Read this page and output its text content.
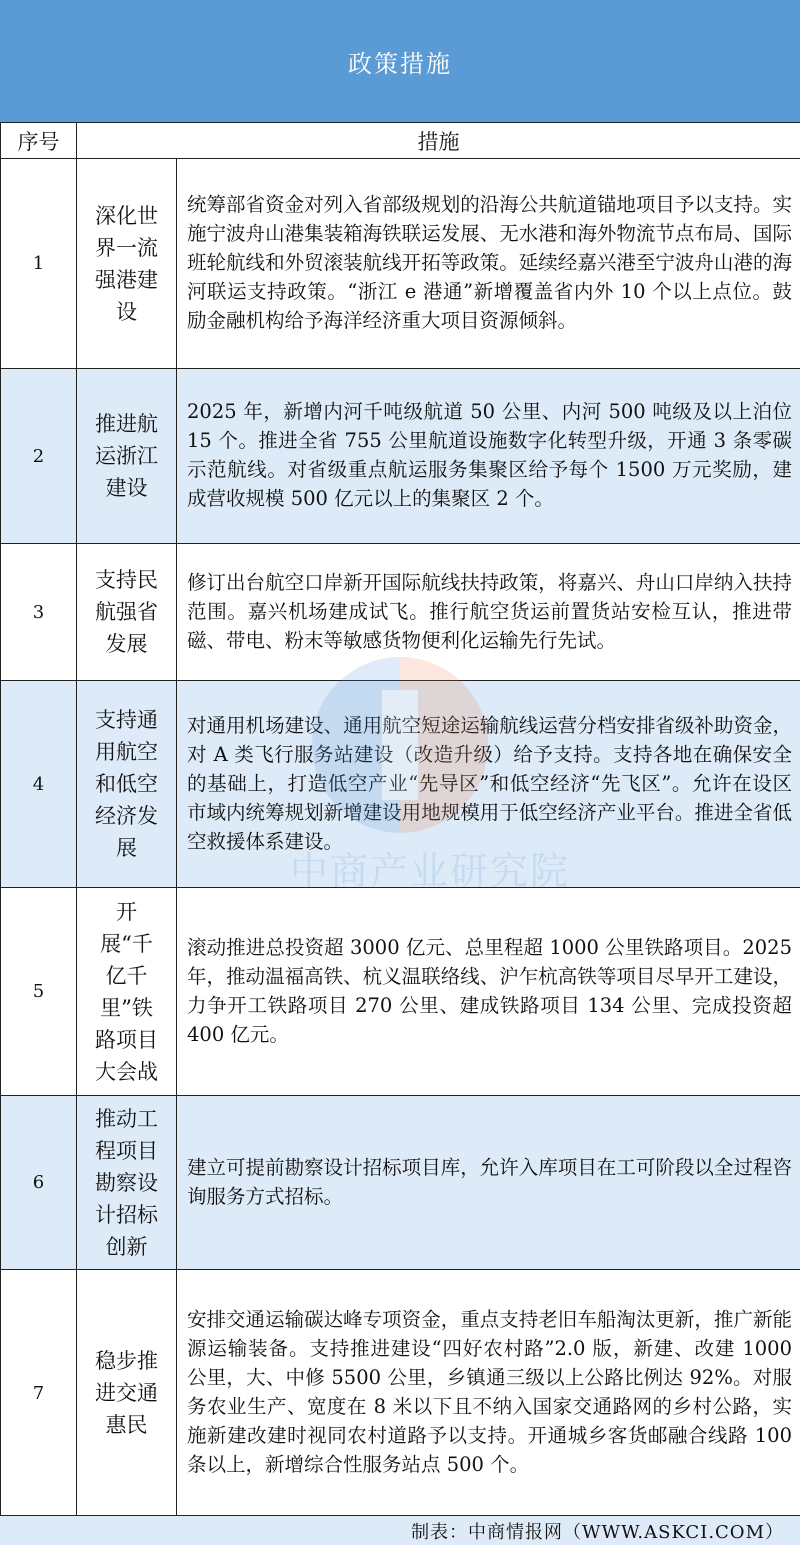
政策措施
序号	措施	
1	深化世界一流强港建设	统筹部省资金对列入省部级规划的沿海公共航道锚地项目予以支持。实施宁波舟山港集装箱海铁联运发展、无水港和海外物流节点布局、国际班轮航线和外贸滚装航线开拓等政策。延续经嘉兴港至宁波舟山港的海河联运支持政策。“浙江 e 港通”新增覆盖省内外 10 个以上点位。鼓励金融机构给予海洋经济重大项目资源倾斜。
2	推进航运浙江建设	2025 年，新增内河千吨级航道 50 公里、内河 500 吨级及以上泊位 15 个。推进全省 755 公里航道设施数字化转型升级，开通 3 条零碳示范航线。对省级重点航运服务集聚区给予每个 1500 万元奖励，建成营收规模 500 亿元以上的集聚区 2 个。
3	支持民航强省发展	修订出台航空口岸新开国际航线扶持政策，将嘉兴、舟山口岸纳入扶持范围。嘉兴机场建成试飞。推行航空货运前置货站安检互认，推进带磁、带电、粉末等敏感货物便利化运输先行先试。
4	支持通用航空和低空经济发展	对通用机场建设、通用航空短途运输航线运营分档安排省级补助资金，对 A 类飞行服务站建设（改造升级）给予支持。支持各地在确保安全的基础上，打造低空产业“先导区”和低空经济“先飞区”。允许在设区市域内统筹规划新增建设用地规模用于低空经济产业平台。推进全省低空救援体系建设。
5	开展“千亿千里”铁路项目大会战	滚动推进总投资超 3000 亿元、总里程超 1000 公里铁路项目。2025 年，推动温福高铁、杭义温联络线、沪乍杭高铁等项目尽早开工建设，力争开工铁路项目 270 公里、建成铁路项目 134 公里、完成投资超 400 亿元。
6	推动工程项目勘察设计招标创新	建立可提前勘察设计招标项目库，允许入库项目在工可阶段以全过程咨询服务方式招标。
7	稳步推进交通惠民	安排交通运输碳达峰专项资金，重点支持老旧车船淘汰更新，推广新能源运输装备。支持推进建设“四好农村路”2.0 版，新建、改建 1000 公里，大、中修 5500 公里，乡镇通三级以上公路比例达 92%。对服务农业生产、宽度在 8 米以下且不纳入国家交通路网的乡村公路，实施新建改建时视同农村道路予以支持。开通城乡客货邮融合线路 100 条以上，新增综合性服务站点 500 个。
制表：中商情报网（WWW.ASKCI.COM）
